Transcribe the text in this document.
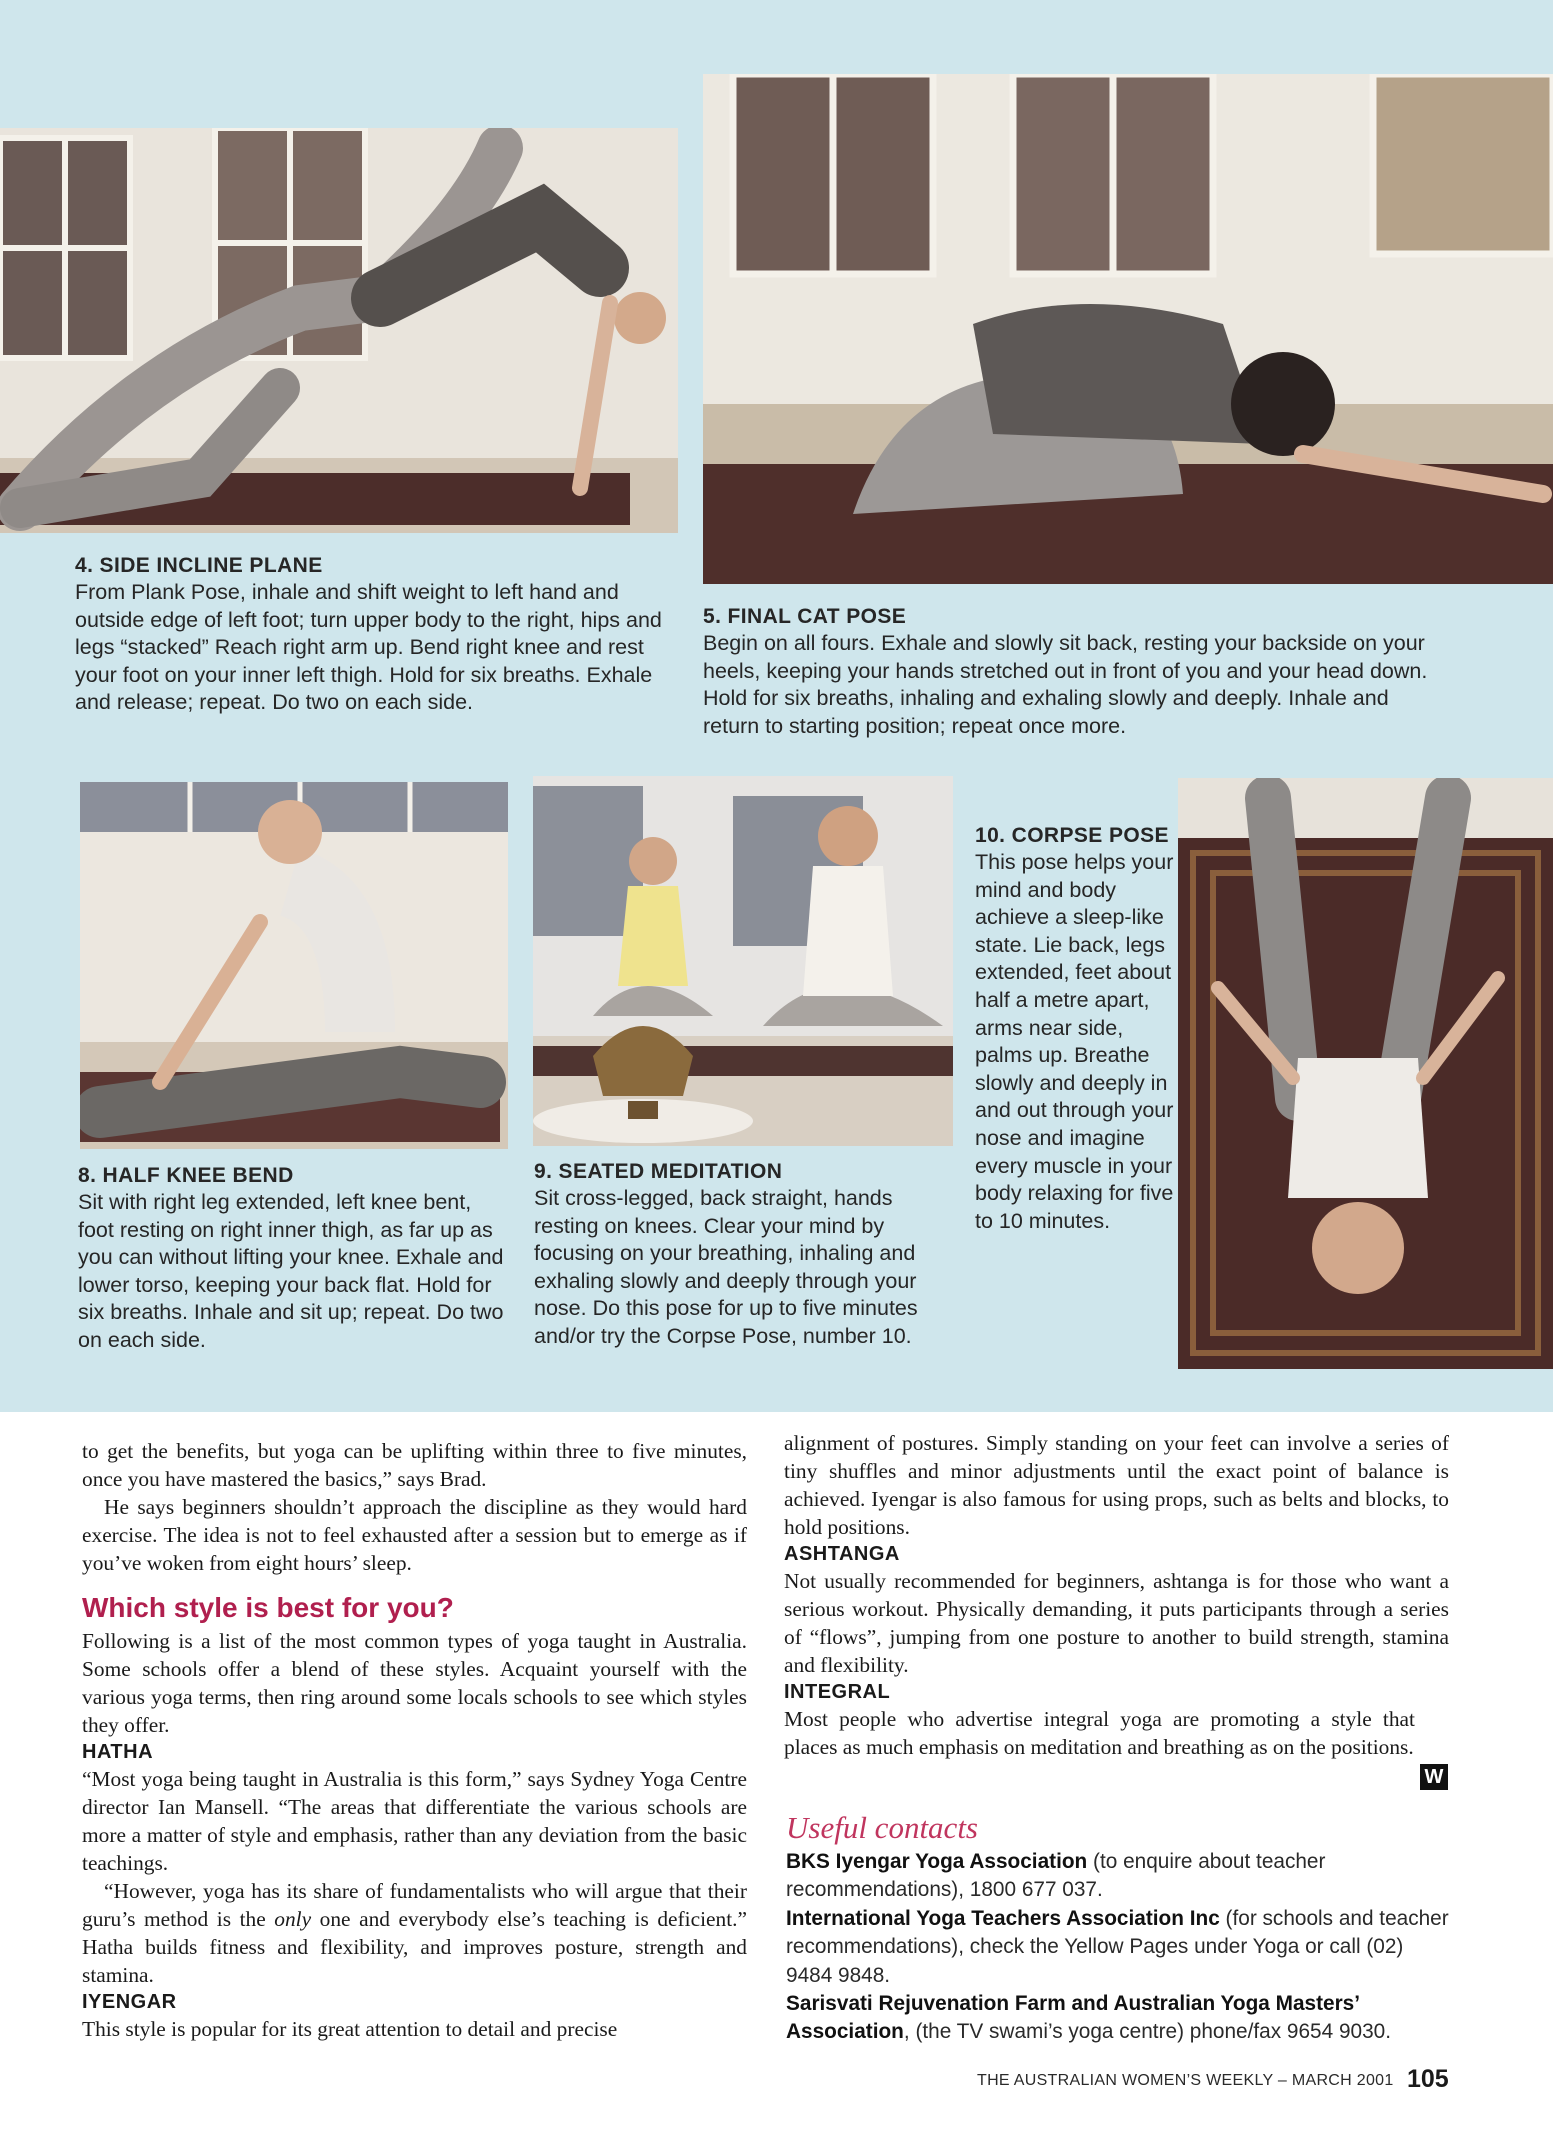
4. SIDE INCLINE PLANE
From Plank Pose, inhale and shift weight to left hand and outside edge of left foot; turn upper body to the right, hips and legs “stacked” Reach right arm up. Bend right knee and rest your foot on your inner left thigh. Hold for six breaths. Exhale and release; repeat. Do two on each side.
5. FINAL CAT POSE
Begin on all fours. Exhale and slowly sit back, resting your backside on your heels, keeping your hands stretched out in front of you and your head down. Hold for six breaths, inhaling and exhaling slowly and deeply. Inhale and return to starting position; repeat once more.
8. HALF KNEE BEND
Sit with right leg extended, left knee bent, foot resting on right inner thigh, as far up as you can without lifting your knee. Exhale and lower torso, keeping your back flat. Hold for six breaths. Inhale and sit up; repeat. Do two on each side.
9. SEATED MEDITATION
Sit cross-legged, back straight, hands resting on knees. Clear your mind by focusing on your breathing, inhaling and exhaling slowly and deeply through your nose. Do this pose for up to five minutes and/or try the Corpse Pose, number 10.
10. CORPSE POSE
This pose helps your mind and body achieve a sleep-like state. Lie back, legs extended, feet about half a metre apart, arms near side, palms up. Breathe slowly and deeply in and out through your nose and imagine every muscle in your body relaxing for five to 10 minutes.

to get the benefits, but yoga can be uplifting within three to five minutes, once you have mastered the basics,” says Brad.

He says beginners shouldn’t approach the discipline as they would hard exercise. The idea is not to feel exhausted after a session but to emerge as if you’ve woken from eight hours’ sleep.

Which style is best for you?

Following is a list of the most common types of yoga taught in Australia. Some schools offer a blend of these styles. Acquaint yourself with the various yoga terms, then ring around some locals schools to see which styles they offer.

HATHA

“Most yoga being taught in Australia is this form,” says Sydney Yoga Centre director Ian Mansell. “The areas that differentiate the various schools are more a matter of style and emphasis, rather than any deviation from the basic teachings.

“However, yoga has its share of fundamentalists who will argue that their guru’s method is the only one and everybody else’s teaching is deficient.” Hatha builds fitness and flexibility, and improves posture, strength and stamina.

IYENGAR

This style is popular for its great attention to detail and precise

alignment of postures. Simply standing on your feet can involve a series of tiny shuffles and minor adjustments until the exact point of balance is achieved. Iyengar is also famous for using props, such as belts and blocks, to hold positions.

ASHTANGA

Not usually recommended for beginners, ashtanga is for those who want a serious workout. Physically demanding, it puts participants through a series of “flows”, jumping from one posture to another to build strength, stamina and flexibility.

INTEGRAL

Most people who advertise integral yoga are promoting a style that places as much emphasis on meditation and breathing as on the positions.

W
Useful contacts

BKS Iyengar Yoga Association (to enquire about teacher recommendations), 1800 677 037.

International Yoga Teachers Association Inc (for schools and teacher recommendations), check the Yellow Pages under Yoga or call (02) 9484 9848.

Sarisvati Rejuvenation Farm and Australian Yoga Masters’ Association, (the TV swami’s yoga centre) phone/fax 9654 9030.

THE AUSTRALIAN WOMEN’S WEEKLY – MARCH 2001 105
